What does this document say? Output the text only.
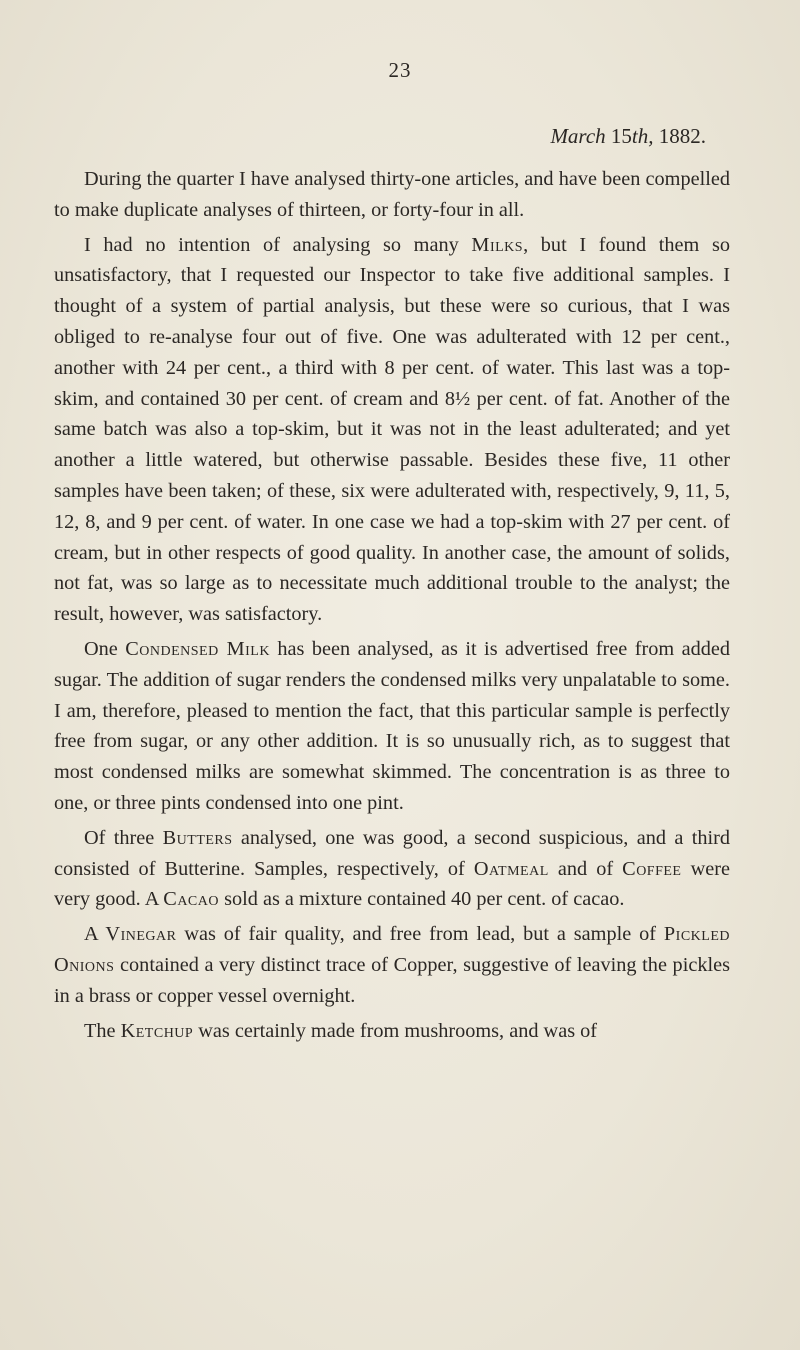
23
March 15th, 1882.

During the quarter I have analysed thirty-one articles, and have been compelled to make duplicate analyses of thirteen, or forty-four in all.

I had no intention of analysing so many Milks, but I found them so unsatisfactory, that I requested our Inspector to take five additional samples. I thought of a system of partial analysis, but these were so curious, that I was obliged to re-analyse four out of five. One was adulterated with 12 per cent., another with 24 per cent., a third with 8 per cent. of water. This last was a top-skim, and contained 30 per cent. of cream and 8½ per cent. of fat. Another of the same batch was also a top-skim, but it was not in the least adulterated; and yet another a little watered, but otherwise passable. Besides these five, 11 other samples have been taken; of these, six were adulterated with, respectively, 9, 11, 5, 12, 8, and 9 per cent. of water. In one case we had a top-skim with 27 per cent. of cream, but in other respects of good quality. In another case, the amount of solids, not fat, was so large as to necessitate much additional trouble to the analyst; the result, however, was satisfactory.

One Condensed Milk has been analysed, as it is advertised free from added sugar. The addition of sugar renders the condensed milks very unpalatable to some. I am, therefore, pleased to mention the fact, that this particular sample is perfectly free from sugar, or any other addition. It is so unusually rich, as to suggest that most condensed milks are somewhat skimmed. The concentration is as three to one, or three pints condensed into one pint.

Of three Butters analysed, one was good, a second suspicious, and a third consisted of Butterine. Samples, respectively, of Oatmeal and of Coffee were very good. A Cacao sold as a mixture contained 40 per cent. of cacao.

A Vinegar was of fair quality, and free from lead, but a sample of Pickled Onions contained a very distinct trace of Copper, suggestive of leaving the pickles in a brass or copper vessel overnight.

The Ketchup was certainly made from mushrooms, and was of
